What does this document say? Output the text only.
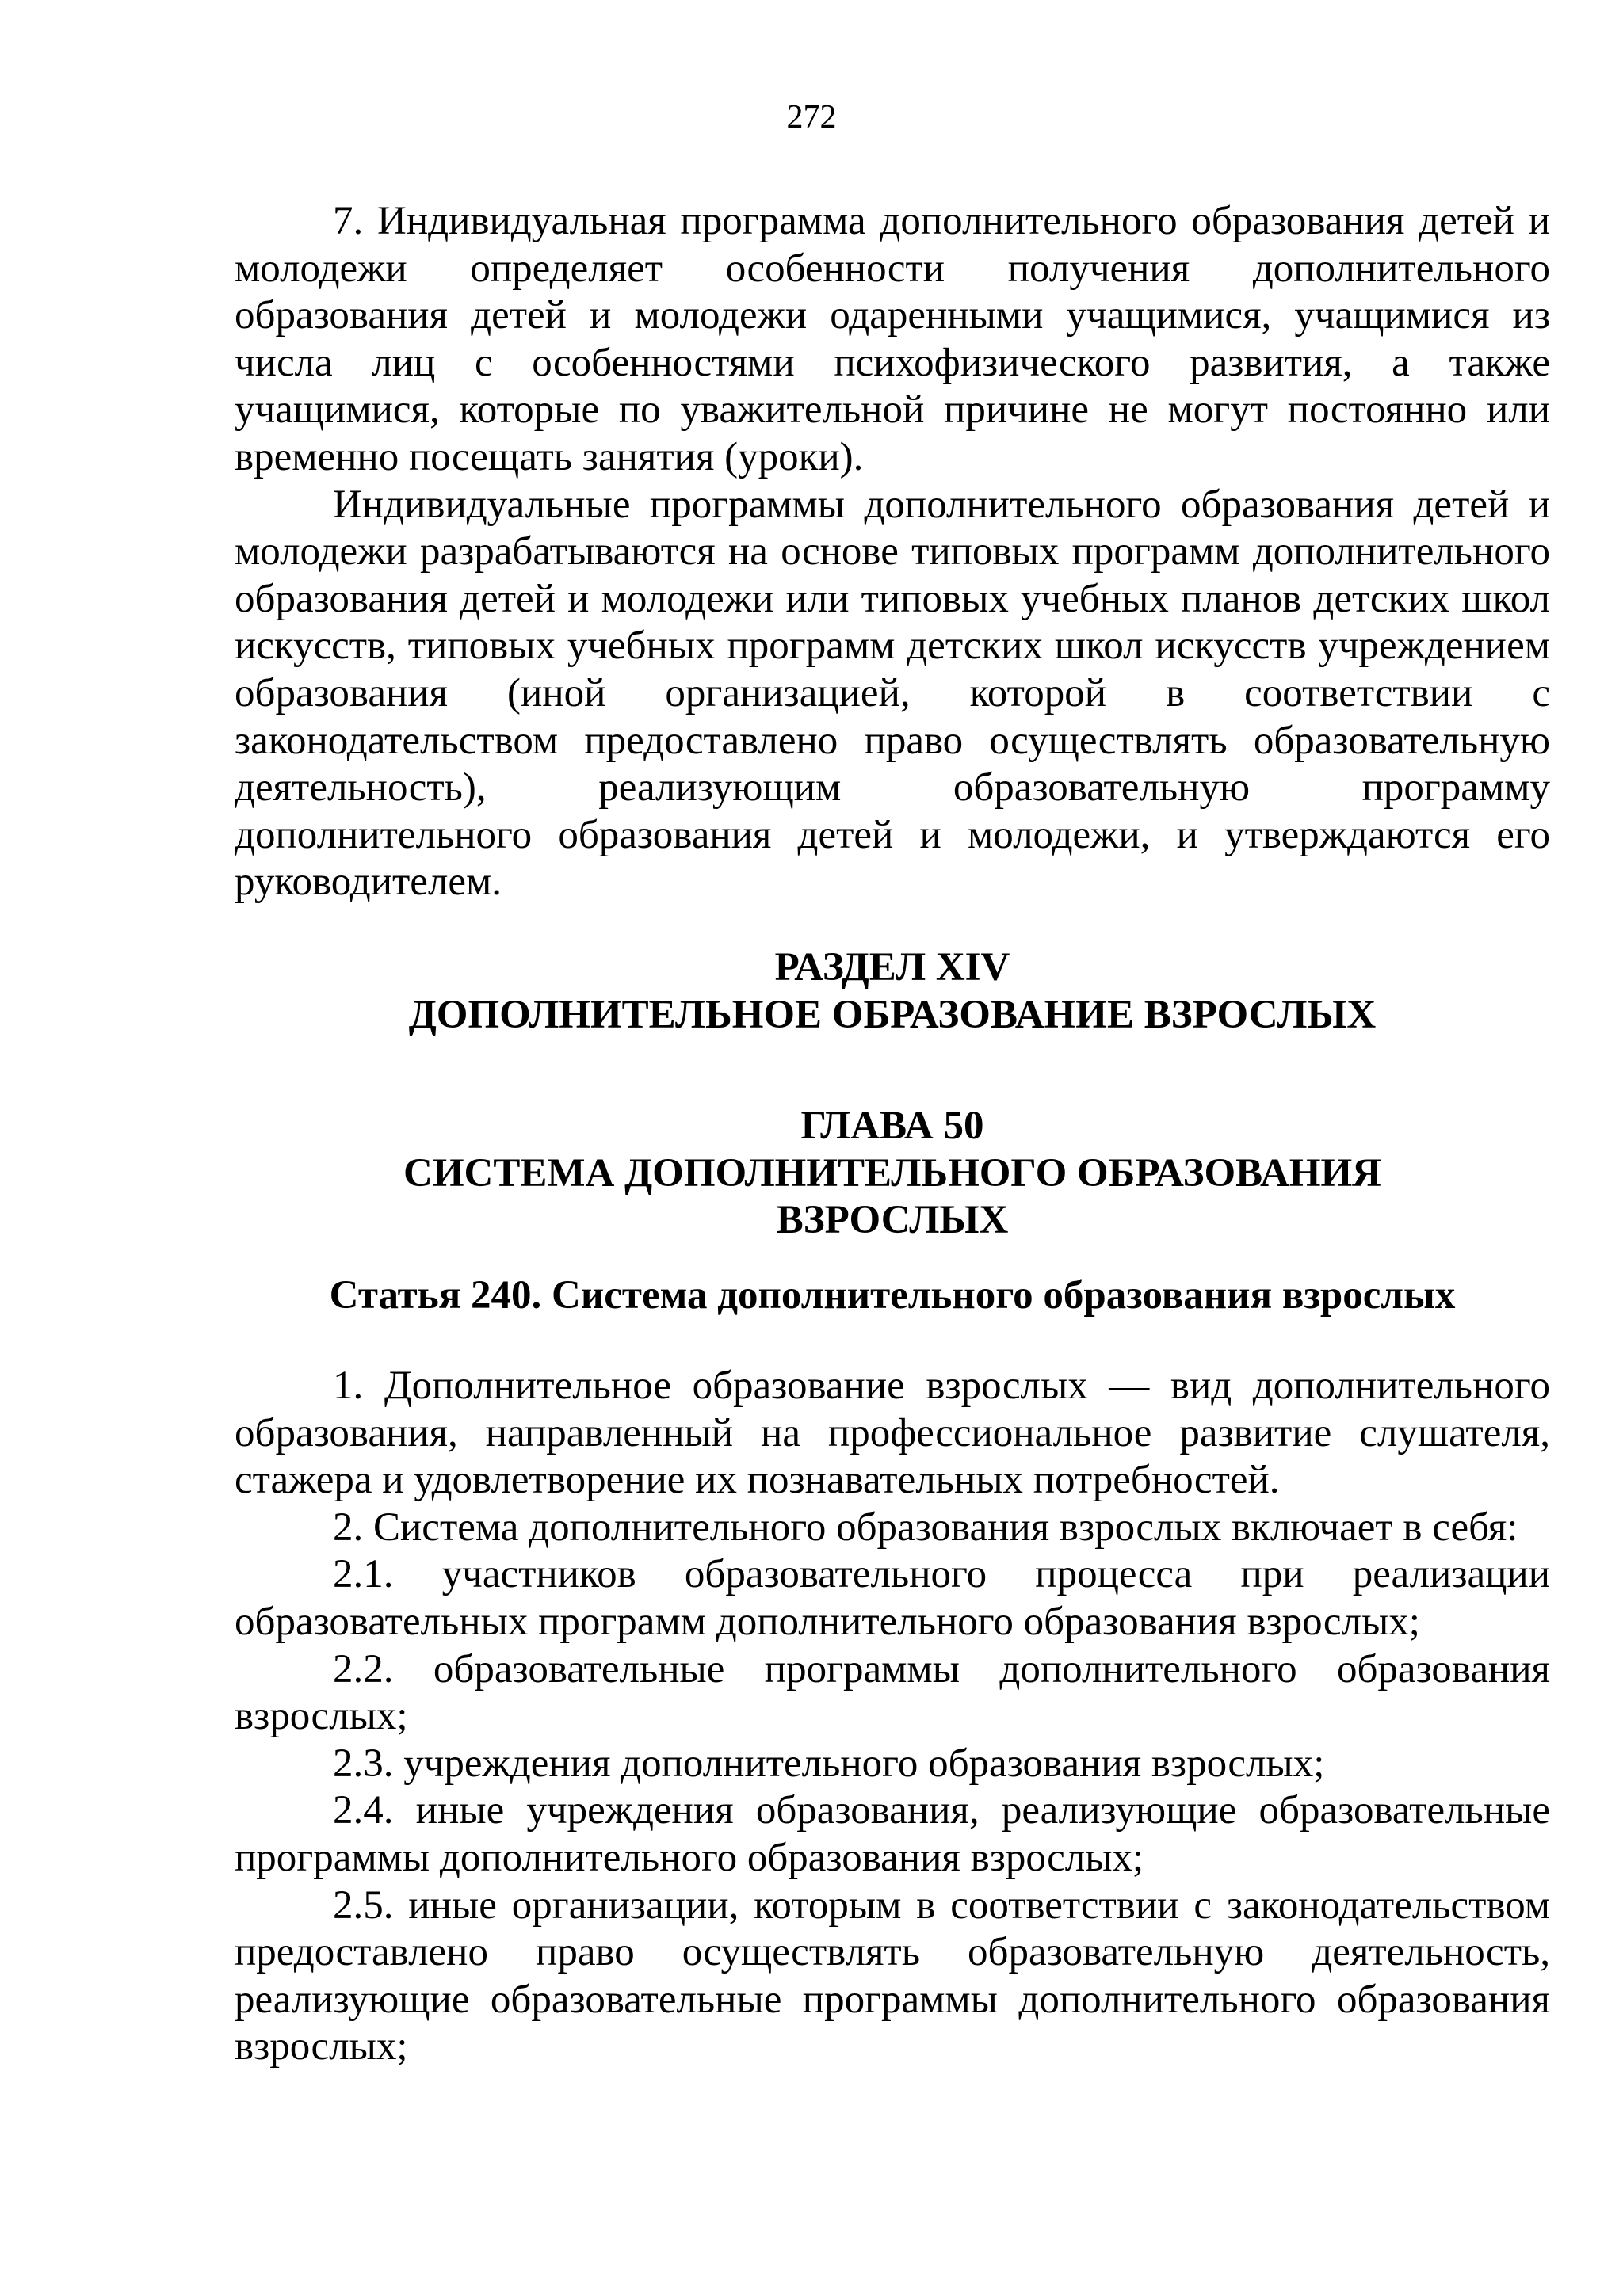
272

7. Индивидуальная программа дополнительного образования детей и молодежи определяет особенности получения дополнительного образования детей и молодежи одаренными учащимися, учащимися из числа лиц с особенностями психофизического развития, а также учащимися, которые по уважительной причине не могут постоянно или временно посещать занятия (уроки).

Индивидуальные программы дополнительного образования детей и молодежи разрабатываются на основе типовых программ дополнительного образования детей и молодежи или типовых учебных планов детских школ искусств, типовых учебных программ детских школ искусств учреждением образования (иной организацией, которой в соответствии с законодательством предоставлено право осуществлять образовательную деятельность), реализующим образовательную программу дополнительного образования детей и молодежи, и утверждаются его руководителем.

РАЗДЕЛ XIV
ДОПОЛНИТЕЛЬНОЕ ОБРАЗОВАНИЕ ВЗРОСЛЫХ
ГЛАВА 50
СИСТЕМА ДОПОЛНИТЕЛЬНОГО ОБРАЗОВАНИЯ
ВЗРОСЛЫХ
Статья 240. Система дополнительного образования взрослых

1. Дополнительное образование взрослых — вид дополнительного образования, направленный на профессиональное развитие слушателя, стажера и удовлетворение их познавательных потребностей.

2. Система дополнительного образования взрослых включает в себя:

2.1. участников образовательного процесса при реализации образовательных программ дополнительного образования взрослых;

2.2. образовательные программы дополнительного образования взрослых;

2.3. учреждения дополнительного образования взрослых;

2.4. иные учреждения образования, реализующие образовательные программы дополнительного образования взрослых;

2.5. иные организации, которым в соответствии с законодательством предоставлено право осуществлять образовательную деятельность, реализующие образовательные программы дополнительного образования взрослых;
